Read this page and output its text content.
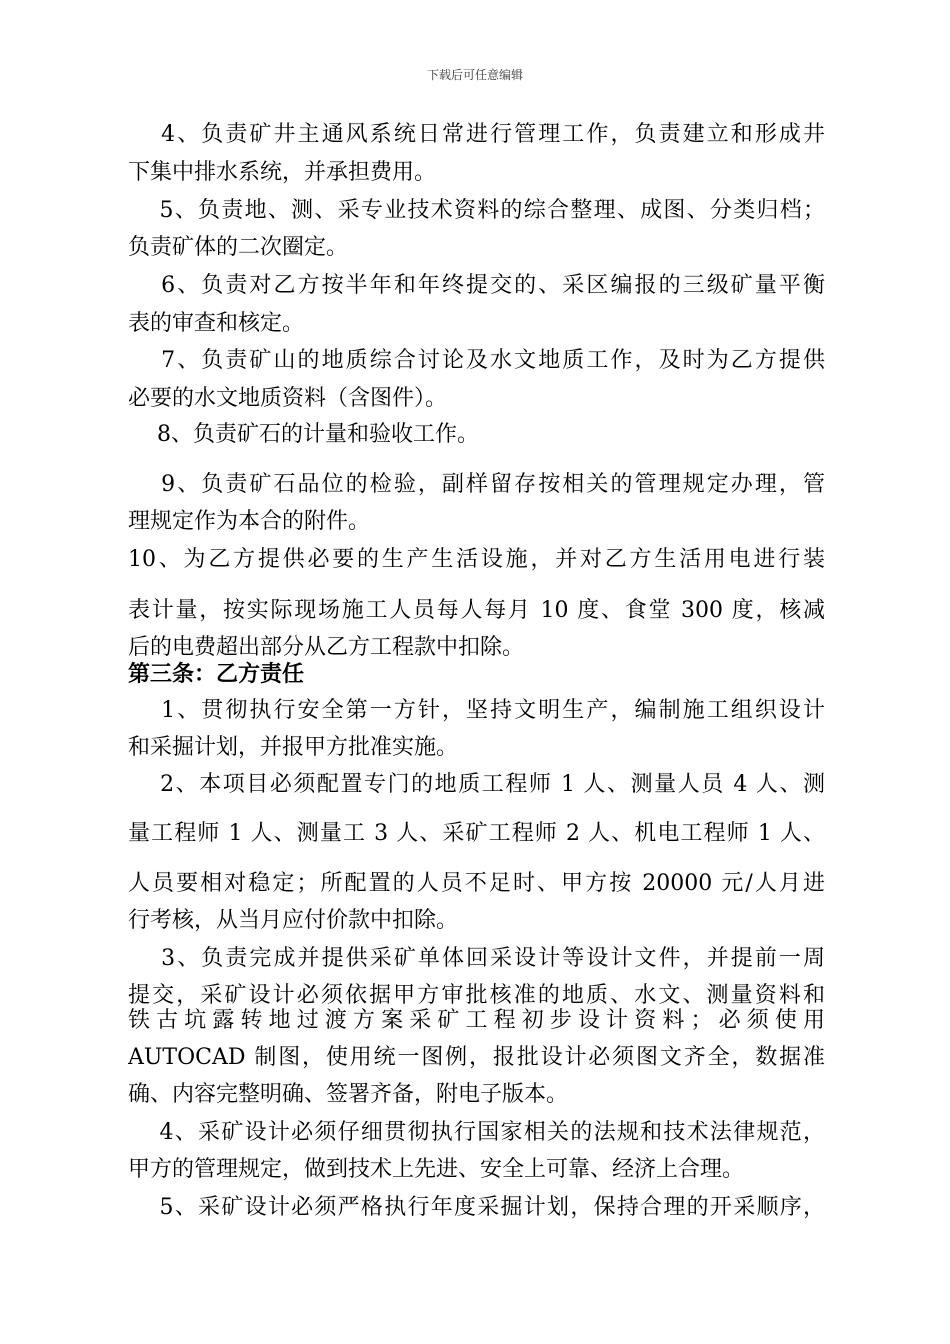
下载后可任意编辑
　 4、负责矿井主通风系统日常进行管理工作，负责建立和形成井
下集中排水系统，并承担费用。
　 5、负责地、测、采专业技术资料的综合整理、成图、分类归档；
负责矿体的二次圈定。
　 6、负责对乙方按半年和年终提交的、采区编报的三级矿量平衡
表的审查和核定。
　 7、负责矿山的地质综合讨论及水文地质工作，及时为乙方提供
必要的水文地质资料（含图件）。
　 8、负责矿石的计量和验收工作。
　 9、负责矿石品位的检验，副样留存按相关的管理规定办理，管
理规定作为本合的附件。
10、为乙方提供必要的生产生活设施，并对乙方生活用电进行装
表计量，按实际现场施工人员每人每月 10 度、食堂 300 度，核减
后的电费超出部分从乙方工程款中扣除。
第三条：乙方责任
　 1、贯彻执行安全第一方针，坚持文明生产，编制施工组织设计
和采掘计划，并报甲方批准实施。
　 2、本项目必须配置专门的地质工程师 1 人、测量人员 4 人、测
量工程师 1 人、测量工 3 人、采矿工程师 2 人、机电工程师 1 人、
人员要相对稳定；所配置的人员不足时、甲方按 20000 元/人月进
行考核，从当月应付价款中扣除。
　 3、负责完成并提供采矿单体回采设计等设计文件，并提前一周
提交，采矿设计必须依据甲方审批核准的地质、水文、测量资料和
铁古坑露转地过渡方案采矿工程初步设计资料；必须使用
AUTOCAD 制图，使用统一图例，报批设计必须图文齐全，数据准
确、内容完整明确、签署齐备，附电子版本。
　 4、采矿设计必须仔细贯彻执行国家相关的法规和技术法律规范，
甲方的管理规定，做到技术上先进、安全上可靠、经济上合理。
　 5、采矿设计必须严格执行年度采掘计划，保持合理的开采顺序，
